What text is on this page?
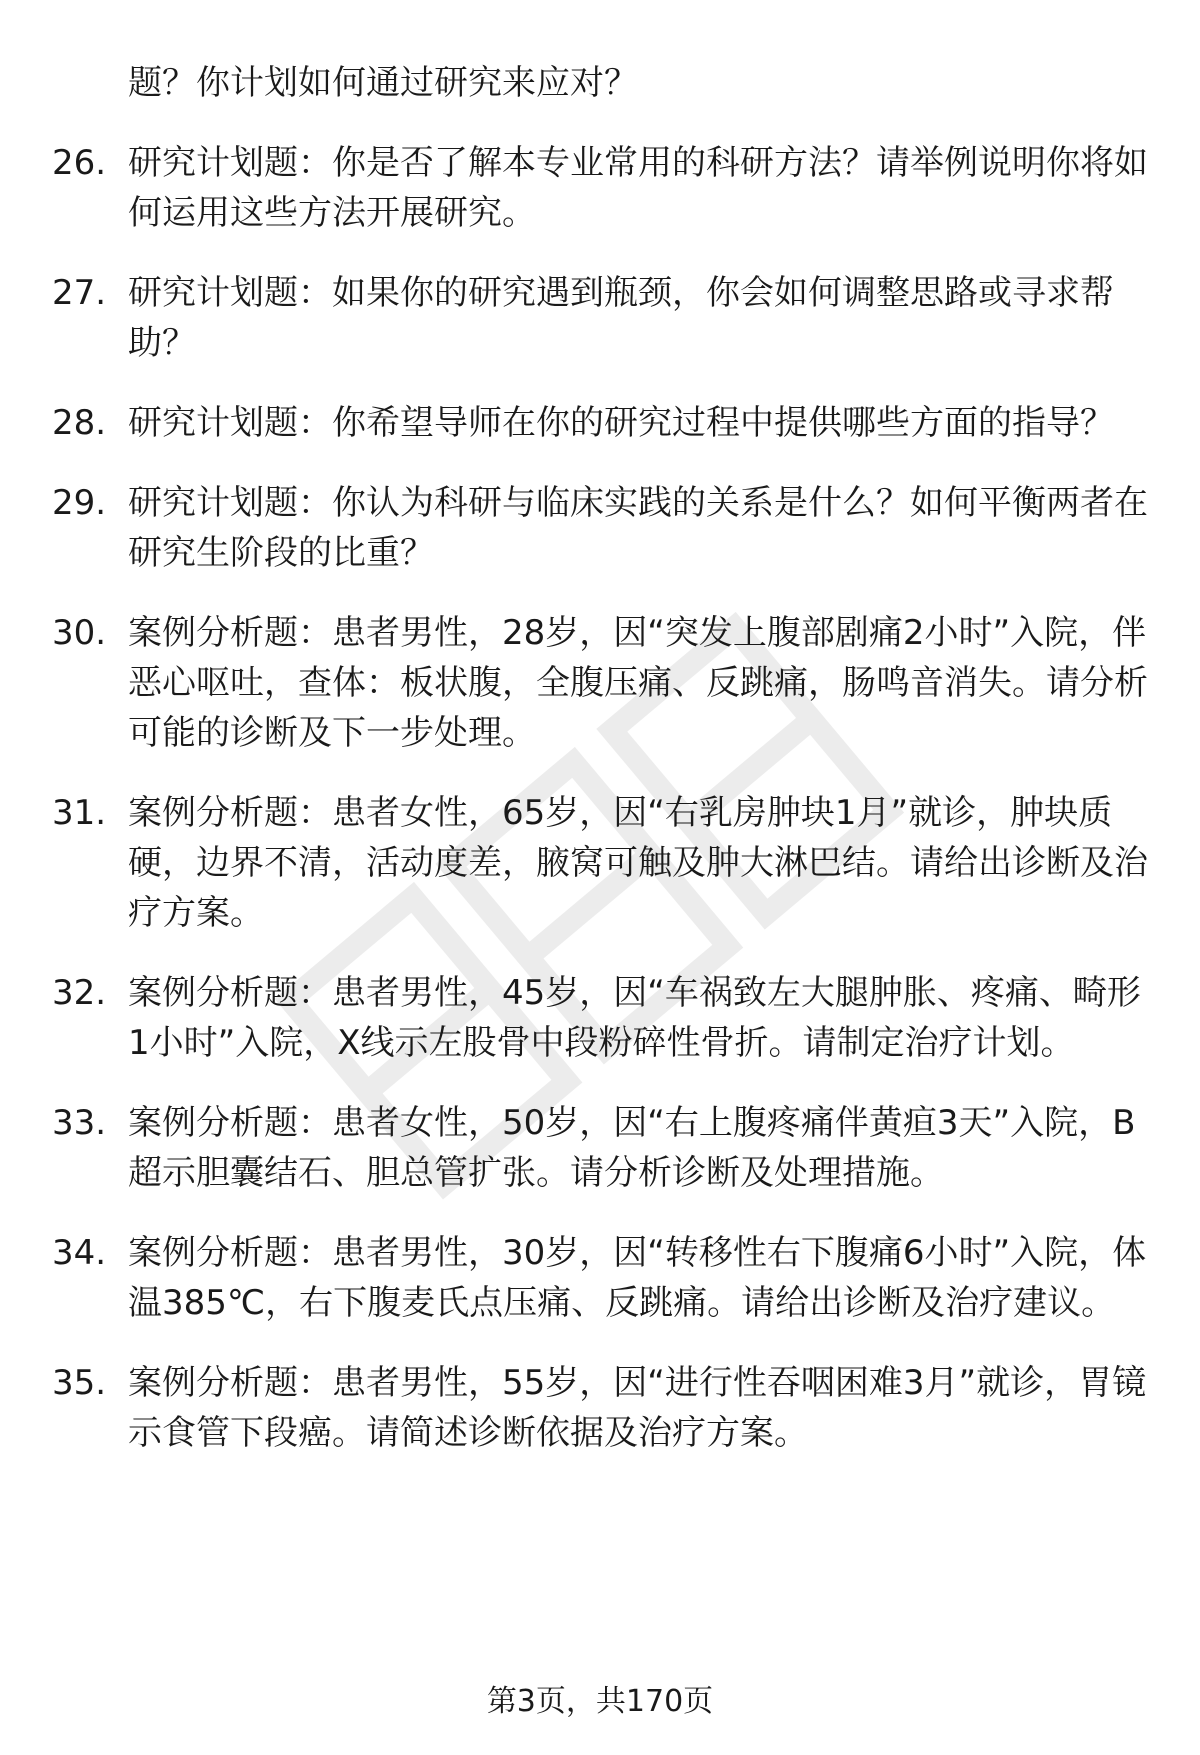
题？你计划如何通过研究来应对？
26. 研究计划题：你是否了解本专业常用的科研方法？请举例说明你将如何运用这些方法开展研究。
27. 研究计划题：如果你的研究遇到瓶颈，你会如何调整思路或寻求帮助？
28. 研究计划题：你希望导师在你的研究过程中提供哪些方面的指导？
29. 研究计划题：你认为科研与临床实践的关系是什么？如何平衡两者在研究生阶段的比重？
30. 案例分析题：患者男性，28岁，因“突发上腹部剧痛2小时”入院，伴恶心呕吐，查体：板状腹，全腹压痛、反跳痛，肠鸣音消失。请分析可能的诊断及下一步处理。
31. 案例分析题：患者女性，65岁，因“右乳房肿块1月”就诊，肿块质硬，边界不清，活动度差，腋窝可触及肿大淋巴结。请给出诊断及治疗方案。
32. 案例分析题：患者男性，45岁，因“车祸致左大腿肿胀、疼痛、畸形1小时”入院，X线示左股骨中段粉碎性骨折。请制定治疗计划。
33. 案例分析题：患者女性，50岁，因“右上腹疼痛伴黄疸3天”入院，B超示胆囊结石、胆总管扩张。请分析诊断及处理措施。
34. 案例分析题：患者男性，30岁，因“转移性右下腹痛6小时”入院，体温385℃，右下腹麦氏点压痛、反跳痛。请给出诊断及治疗建议。
35. 案例分析题：患者男性，55岁，因“进行性吞咽困难3月”就诊，胃镜示食管下段癌。请简述诊断依据及治疗方案。
第3页，共170页
